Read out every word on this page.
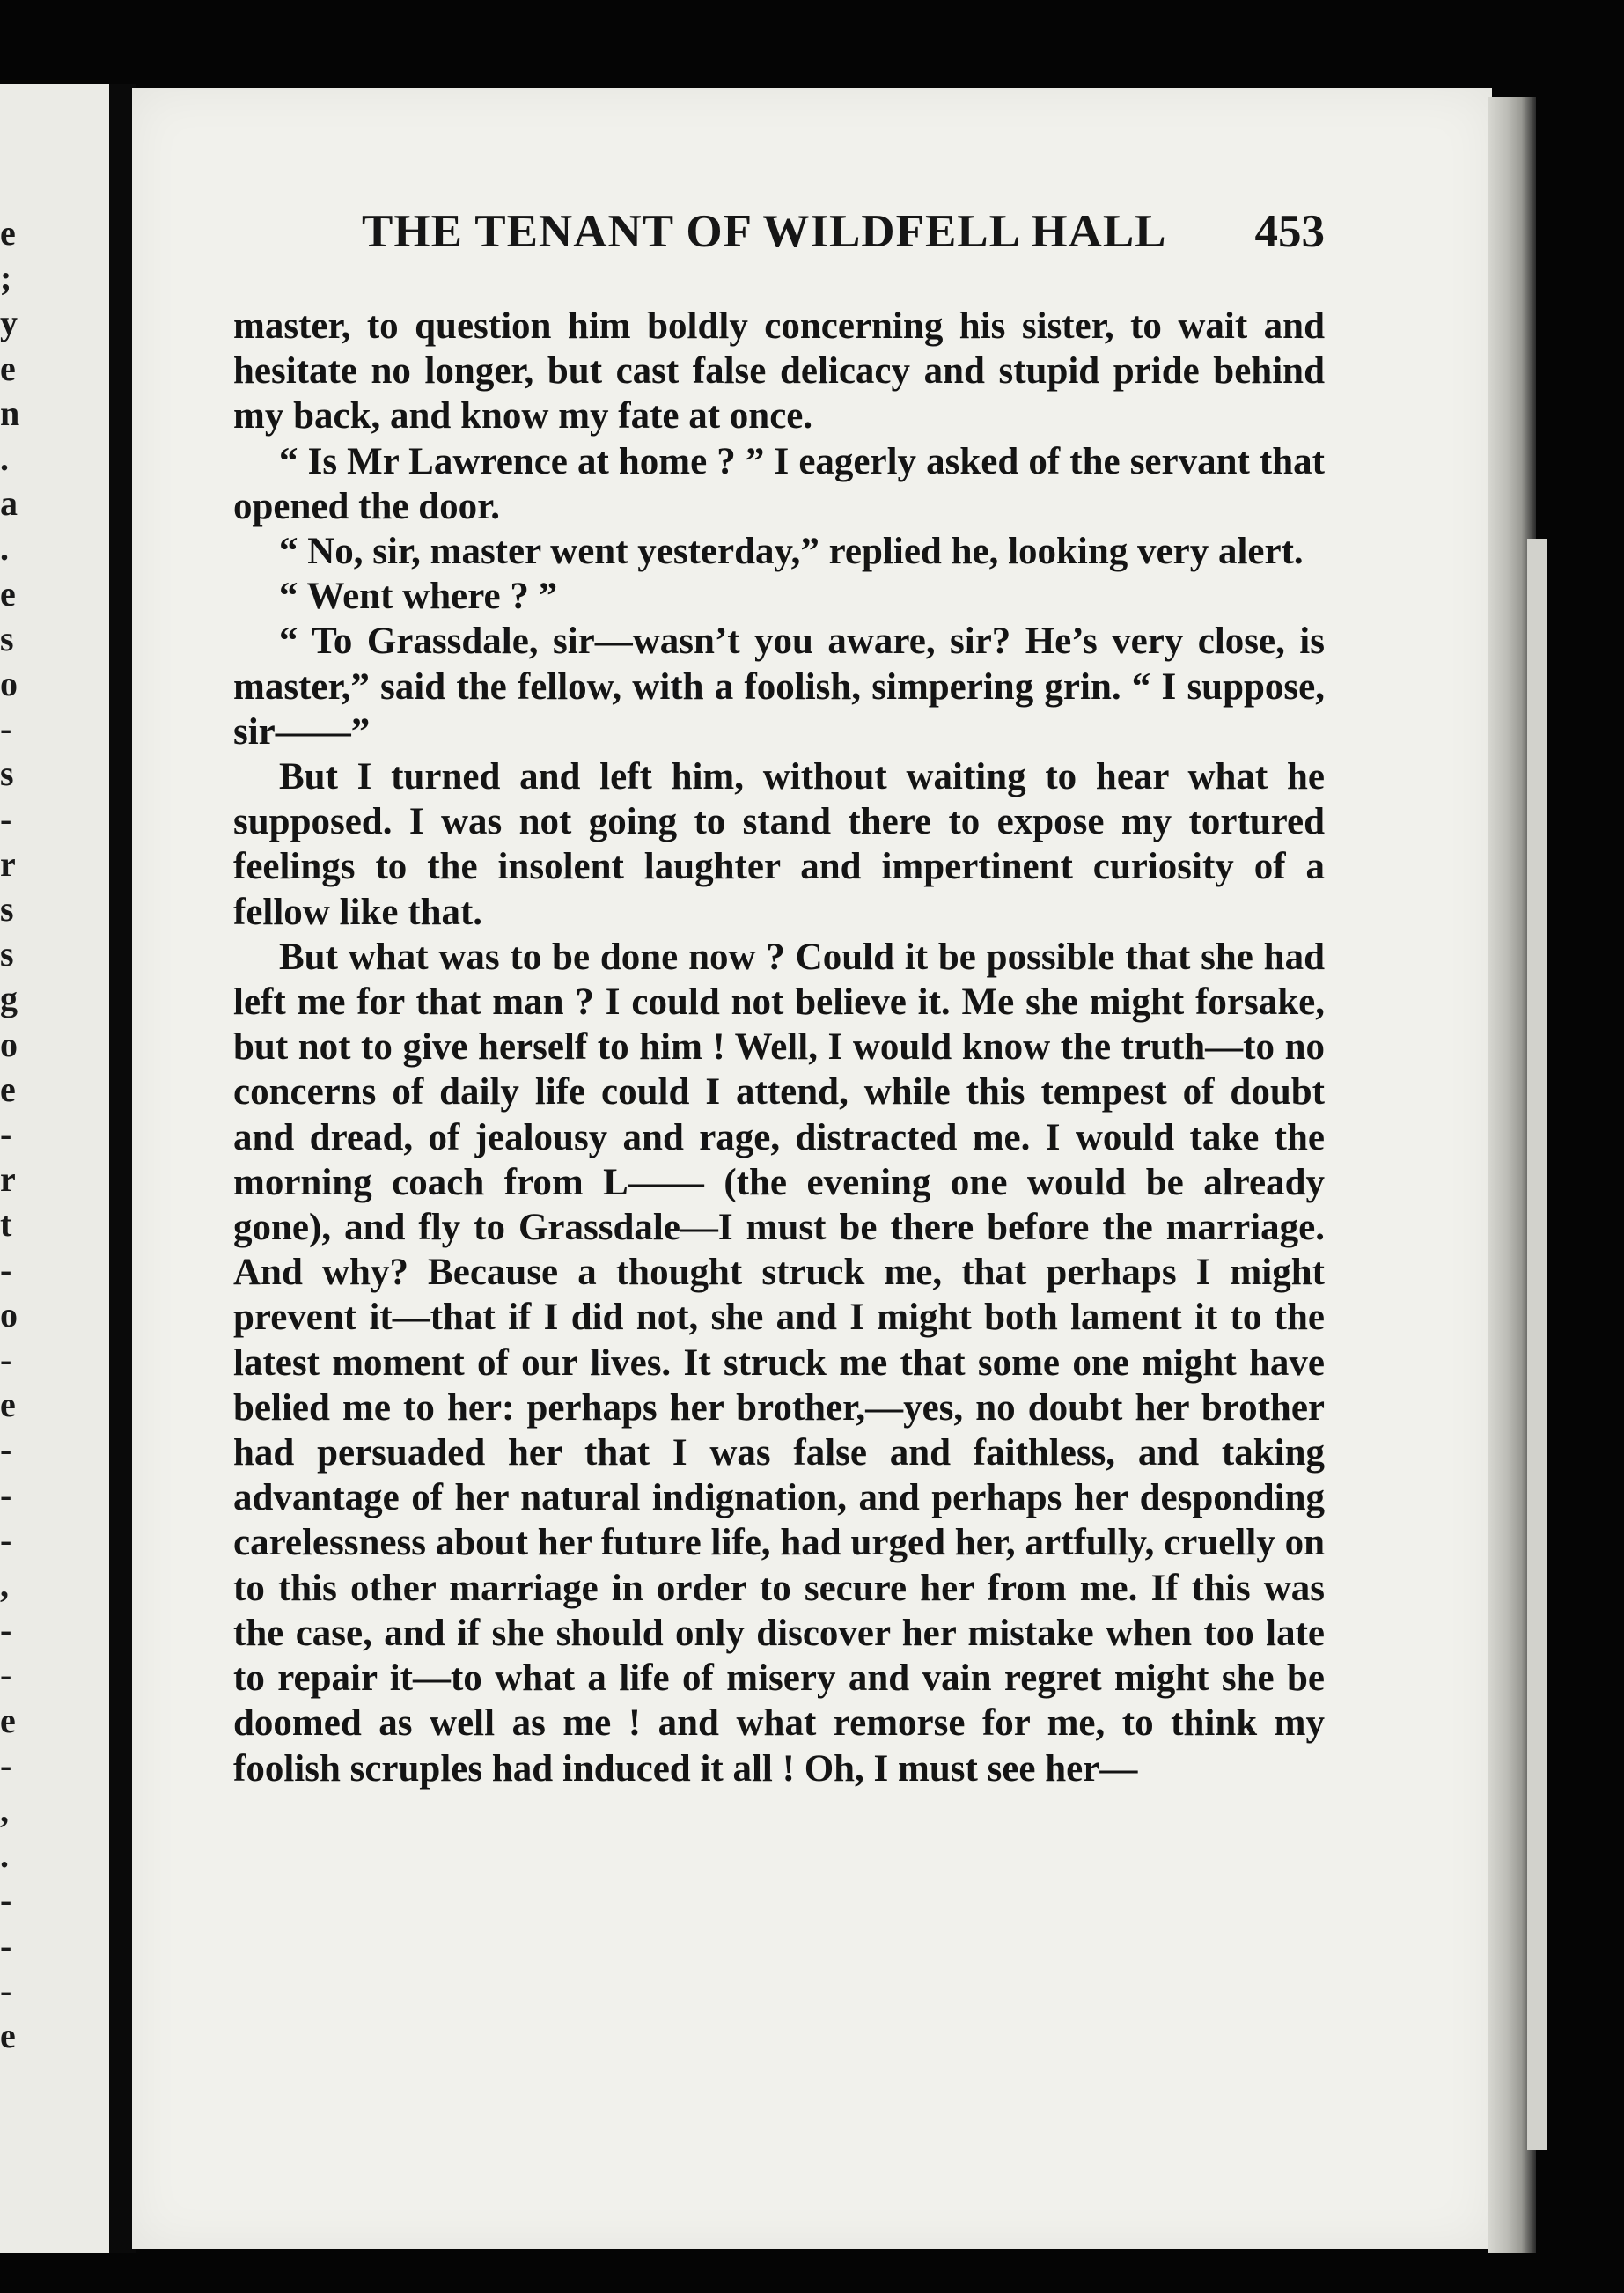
e
;
y
e
n
.
a
.
e
s
o
-
s
-
r
s
s
g
o
e
-
r
t
-
o
-
e
-
-
-
,
-
-
e
-
,
.
-
-
-
e
THE TENANT OF WILDFELL HALL 453

master, to question him boldly concerning his sister, to wait and hesitate no longer, but cast false delicacy and stupid pride behind my back, and know my fate at once.

“ Is Mr Lawrence at home ? ” I eagerly asked of the servant that opened the door.

“ No, sir, master went yesterday,” replied he, looking very alert.

“ Went where ? ”

“ To Grassdale, sir—wasn’t you aware, sir? He’s very close, is master,” said the fellow, with a foolish, simpering grin. “ I suppose, sir——”

But I turned and left him, without waiting to hear what he supposed. I was not going to stand there to expose my tortured feelings to the insolent laughter and impertinent curiosity of a fellow like that.

But what was to be done now ? Could it be possible that she had left me for that man ? I could not believe it. Me she might forsake, but not to give herself to him ! Well, I would know the truth—to no concerns of daily life could I attend, while this tempest of doubt and dread, of jealousy and rage, distracted me. I would take the morning coach from L—— (the evening one would be already gone), and fly to Grassdale—I must be there before the marriage. And why? Because a thought struck me, that perhaps I might prevent it—that if I did not, she and I might both lament it to the latest moment of our lives. It struck me that some one might have belied me to her: perhaps her brother,—yes, no doubt her brother had persuaded her that I was false and faithless, and taking advantage of her natural indignation, and perhaps her desponding carelessness about her future life, had urged her, artfully, cruelly on to this other marriage in order to secure her from me. If this was the case, and if she should only discover her mistake when too late to repair it—to what a life of misery and vain regret might she be doomed as well as me ! and what remorse for me, to think my foolish scruples had induced it all ! Oh, I must see her—
